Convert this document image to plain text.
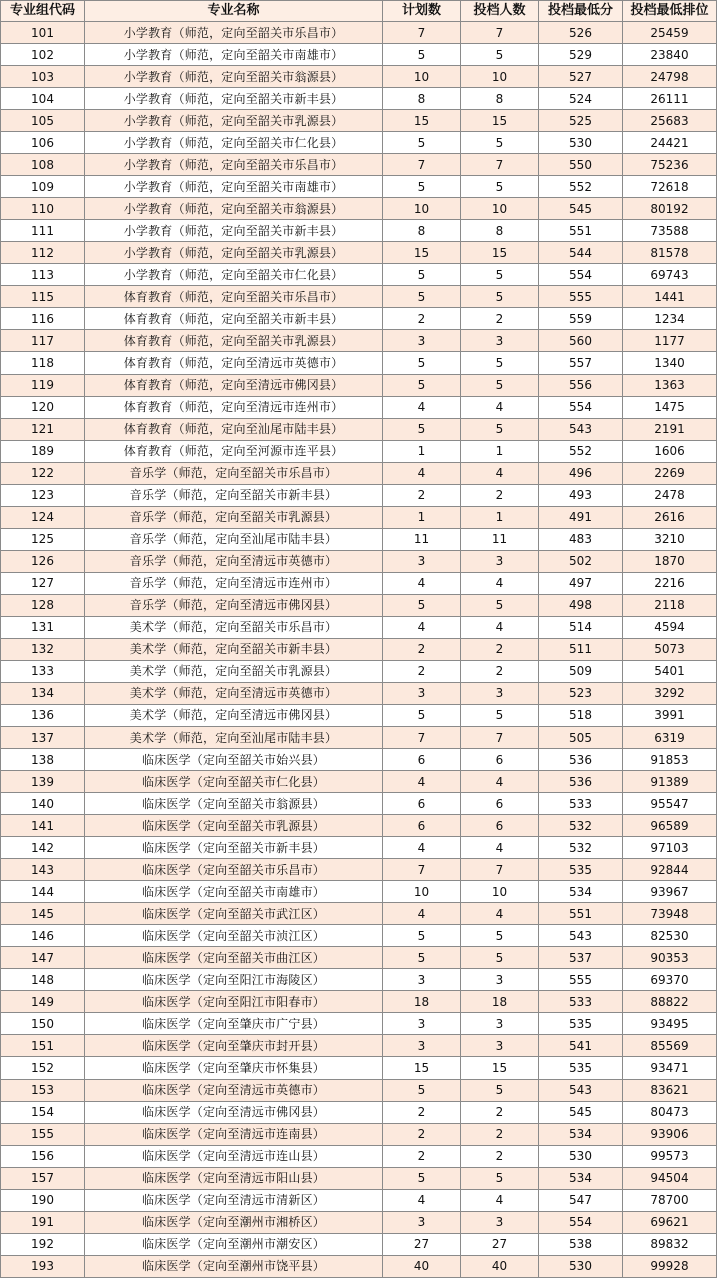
专业组代码	专业名称	计划数	投档人数	投档最低分	投档最低排位
101	小学教育（师范，定向至韶关市乐昌市）	7	7	526	25459
102	小学教育（师范，定向至韶关市南雄市）	5	5	529	23840
103	小学教育（师范，定向至韶关市翁源县）	10	10	527	24798
104	小学教育（师范，定向至韶关市新丰县）	8	8	524	26111
105	小学教育（师范，定向至韶关市乳源县）	15	15	525	25683
106	小学教育（师范，定向至韶关市仁化县）	5	5	530	24421
108	小学教育（师范，定向至韶关市乐昌市）	7	7	550	75236
109	小学教育（师范，定向至韶关市南雄市）	5	5	552	72618
110	小学教育（师范，定向至韶关市翁源县）	10	10	545	80192
111	小学教育（师范，定向至韶关市新丰县）	8	8	551	73588
112	小学教育（师范，定向至韶关市乳源县）	15	15	544	81578
113	小学教育（师范，定向至韶关市仁化县）	5	5	554	69743
115	体育教育（师范，定向至韶关市乐昌市）	5	5	555	1441
116	体育教育（师范，定向至韶关市新丰县）	2	2	559	1234
117	体育教育（师范，定向至韶关市乳源县）	3	3	560	1177
118	体育教育（师范，定向至清远市英德市）	5	5	557	1340
119	体育教育（师范，定向至清远市佛冈县）	5	5	556	1363
120	体育教育（师范，定向至清远市连州市）	4	4	554	1475
121	体育教育（师范，定向至汕尾市陆丰县）	5	5	543	2191
189	体育教育（师范，定向至河源市连平县）	1	1	552	1606
122	音乐学（师范，定向至韶关市乐昌市）	4	4	496	2269
123	音乐学（师范，定向至韶关市新丰县）	2	2	493	2478
124	音乐学（师范，定向至韶关市乳源县）	1	1	491	2616
125	音乐学（师范，定向至汕尾市陆丰县）	11	11	483	3210
126	音乐学（师范，定向至清远市英德市）	3	3	502	1870
127	音乐学（师范，定向至清远市连州市）	4	4	497	2216
128	音乐学（师范，定向至清远市佛冈县）	5	5	498	2118
131	美术学（师范，定向至韶关市乐昌市）	4	4	514	4594
132	美术学（师范，定向至韶关市新丰县）	2	2	511	5073
133	美术学（师范，定向至韶关市乳源县）	2	2	509	5401
134	美术学（师范，定向至清远市英德市）	3	3	523	3292
136	美术学（师范，定向至清远市佛冈县）	5	5	518	3991
137	美术学（师范，定向至汕尾市陆丰县）	7	7	505	6319
138	临床医学（定向至韶关市始兴县）	6	6	536	91853
139	临床医学（定向至韶关市仁化县）	4	4	536	91389
140	临床医学（定向至韶关市翁源县）	6	6	533	95547
141	临床医学（定向至韶关市乳源县）	6	6	532	96589
142	临床医学（定向至韶关市新丰县）	4	4	532	97103
143	临床医学（定向至韶关市乐昌市）	7	7	535	92844
144	临床医学（定向至韶关市南雄市）	10	10	534	93967
145	临床医学（定向至韶关市武江区）	4	4	551	73948
146	临床医学（定向至韶关市浈江区）	5	5	543	82530
147	临床医学（定向至韶关市曲江区）	5	5	537	90353
148	临床医学（定向至阳江市海陵区）	3	3	555	69370
149	临床医学（定向至阳江市阳春市）	18	18	533	88822
150	临床医学（定向至肇庆市广宁县）	3	3	535	93495
151	临床医学（定向至肇庆市封开县）	3	3	541	85569
152	临床医学（定向至肇庆市怀集县）	15	15	535	93471
153	临床医学（定向至清远市英德市）	5	5	543	83621
154	临床医学（定向至清远市佛冈县）	2	2	545	80473
155	临床医学（定向至清远市连南县）	2	2	534	93906
156	临床医学（定向至清远市连山县）	2	2	530	99573
157	临床医学（定向至清远市阳山县）	5	5	534	94504
190	临床医学（定向至清远市清新区）	4	4	547	78700
191	临床医学（定向至潮州市湘桥区）	3	3	554	69621
192	临床医学（定向至潮州市潮安区）	27	27	538	89832
193	临床医学（定向至潮州市饶平县）	40	40	530	99928
